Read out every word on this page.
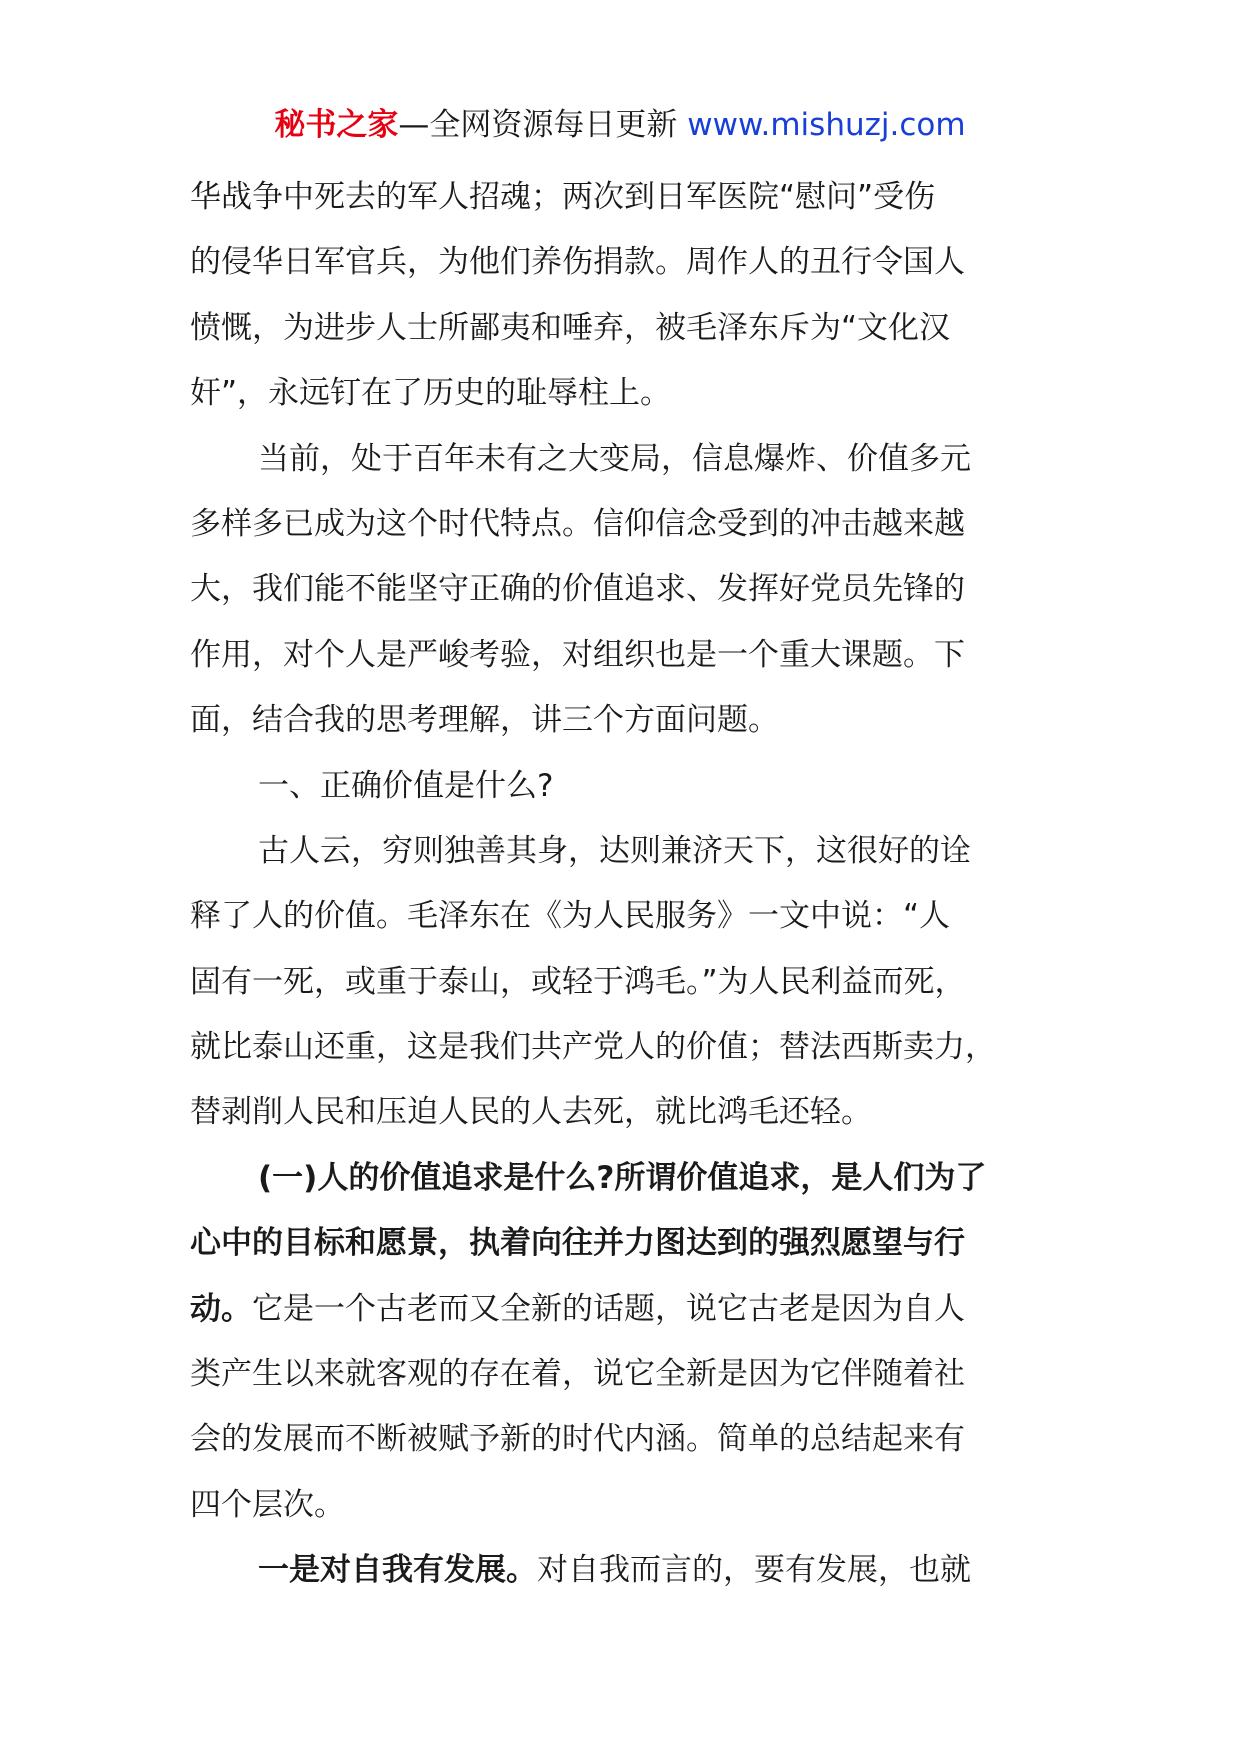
秘书之家—全网资源每日更新 www.mishuzj.com
华战争中死去的军人招魂；两次到日军医院“慰问”受伤
的侵华日军官兵，为他们养伤捐款。周作人的丑行令国人
愤慨，为进步人士所鄙夷和唾弃，被毛泽东斥为“文化汉
奸”，永远钉在了历史的耻辱柱上。
当前，处于百年未有之大变局，信息爆炸、价值多元
多样多已成为这个时代特点。信仰信念受到的冲击越来越
大，我们能不能坚守正确的价值追求、发挥好党员先锋的
作用，对个人是严峻考验，对组织也是一个重大课题。下
面，结合我的思考理解，讲三个方面问题。
一、正确价值是什么?
古人云，穷则独善其身，达则兼济天下，这很好的诠
释了人的价值。毛泽东在《为人民服务》一文中说：“人
固有一死，或重于泰山，或轻于鸿毛。”为人民利益而死，
就比泰山还重，这是我们共产党人的价值；替法西斯卖力，
替剥削人民和压迫人民的人去死，就比鸿毛还轻。
(一)人的价值追求是什么?所谓价值追求，是人们为了
心中的目标和愿景，执着向往并力图达到的强烈愿望与行
动。它是一个古老而又全新的话题，说它古老是因为自人
类产生以来就客观的存在着，说它全新是因为它伴随着社
会的发展而不断被赋予新的时代内涵。简单的总结起来有
四个层次。
一是对自我有发展。对自我而言的，要有发展，也就
